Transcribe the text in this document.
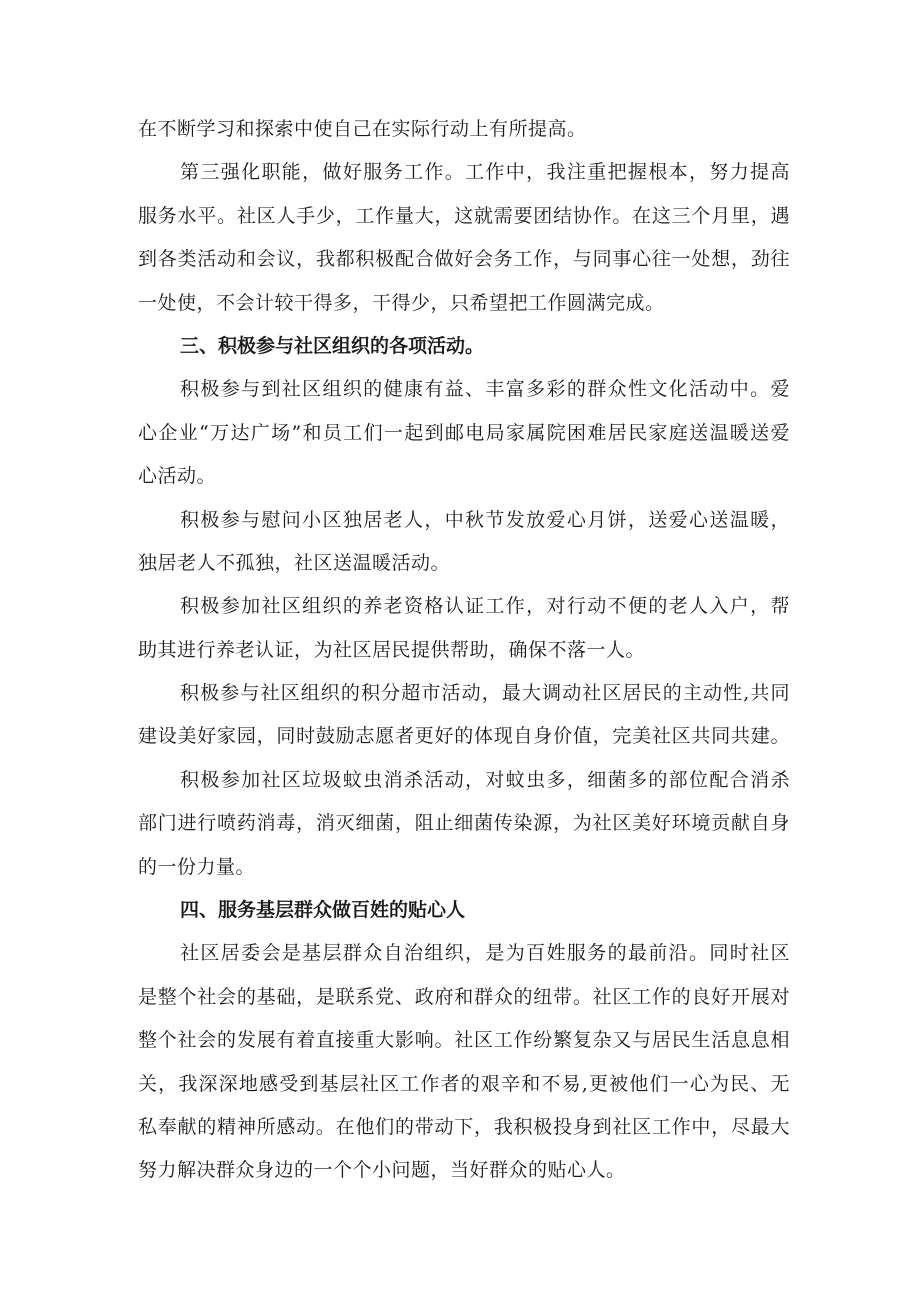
在不断学习和探索中使自己在实际行动上有所提高。
第三强化职能，做好服务工作。工作中，我注重把握根本，努力提高
服务水平。社区人手少，工作量大，这就需要团结协作。在这三个月里，遇
到各类活动和会议，我都积极配合做好会务工作，与同事心往一处想，劲往
一处使，不会计较干得多，干得少，只希望把工作圆满完成。
三、积极参与社区组织的各项活动。
积极参与到社区组织的健康有益、丰富多彩的群众性文化活动中。爱
心企业“万达广场”和员工们一起到邮电局家属院困难居民家庭送温暖送爱
心活动。
积极参与慰问小区独居老人，中秋节发放爱心月饼，送爱心送温暖，
独居老人不孤独，社区送温暖活动。
积极参加社区组织的养老资格认证工作，对行动不便的老人入户，帮
助其进行养老认证，为社区居民提供帮助，确保不落一人。
积极参与社区组织的积分超市活动，最大调动社区居民的主动性,共同
建设美好家园，同时鼓励志愿者更好的体现自身价值，完美社区共同共建。
积极参加社区垃圾蚊虫消杀活动，对蚊虫多，细菌多的部位配合消杀
部门进行喷药消毒，消灭细菌，阻止细菌传染源，为社区美好环境贡献自身
的一份力量。
四、服务基层群众做百姓的贴心人
社区居委会是基层群众自治组织，是为百姓服务的最前沿。同时社区
是整个社会的基础，是联系党、政府和群众的纽带。社区工作的良好开展对
整个社会的发展有着直接重大影响。社区工作纷繁复杂又与居民生活息息相
关，我深深地感受到基层社区工作者的艰辛和不易,更被他们一心为民、无
私奉献的精神所感动。在他们的带动下，我积极投身到社区工作中，尽最大
努力解决群众身边的一个个小问题，当好群众的贴心人。
